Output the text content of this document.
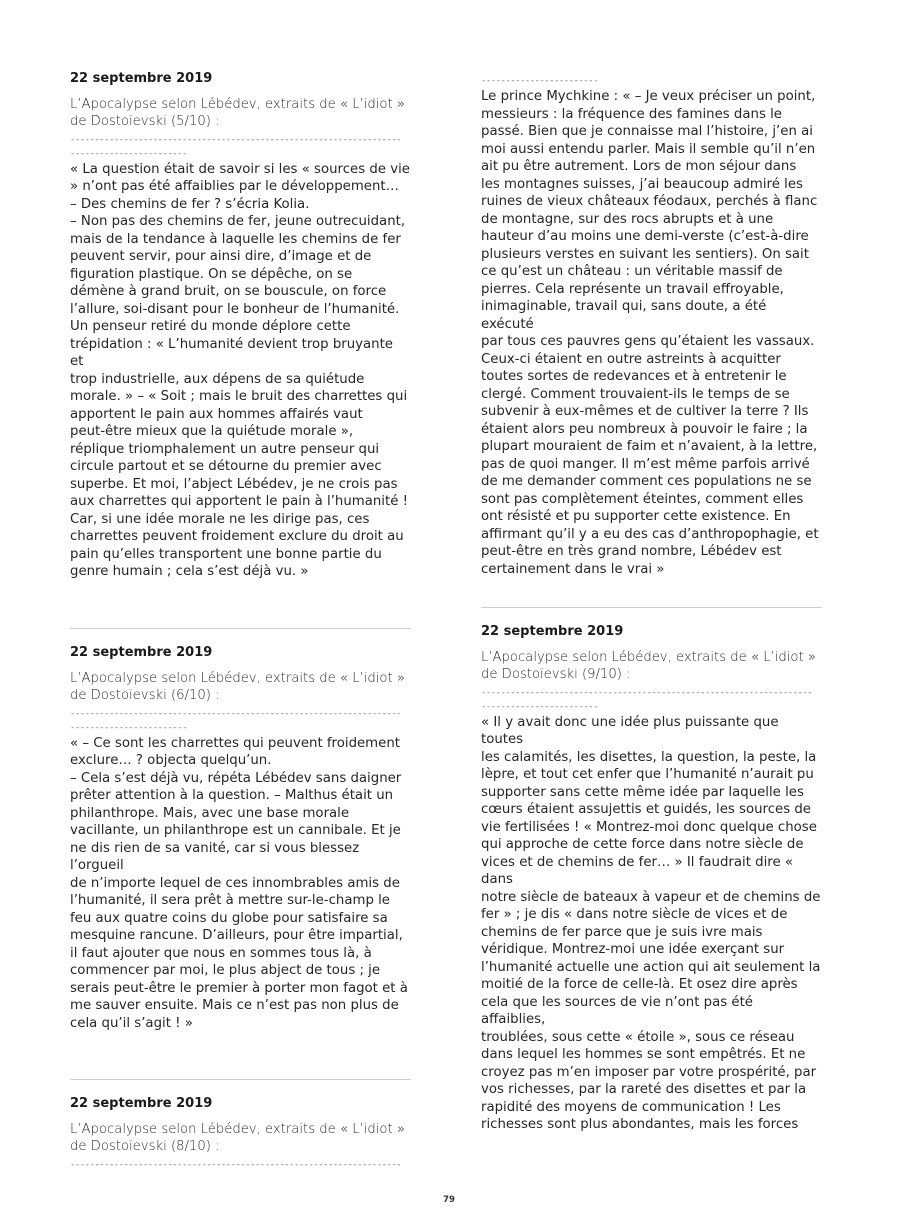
22 septembre 2019
L’Apocalypse selon Lébédev, extraits de « L’idiot »
de Dostoïevski (5/10) :
--------------------------------------------------------------------
------------------------

« La question était de savoir si les « sources de vie

» n’ont pas été affaiblies par le développement…

– Des chemins de fer ? s’écria Kolia.

– Non pas des chemins de fer, jeune outrecuidant,

mais de la tendance à laquelle les chemins de fer

peuvent servir, pour ainsi dire, d’image et de

figuration plastique. On se dépêche, on se

démène à grand bruit, on se bouscule, on force

l’allure, soi-disant pour le bonheur de l’humanité.

Un penseur retiré du monde déplore cette

trépidation : « L’humanité devient trop bruyante et

trop industrielle, aux dépens de sa quiétude

morale. » – « Soit ; mais le bruit des charrettes qui

apportent le pain aux hommes affairés vaut

peut-être mieux que la quiétude morale »,

réplique triomphalement un autre penseur qui

circule partout et se détourne du premier avec

superbe. Et moi, l’abject Lébédev, je ne crois pas

aux charrettes qui apportent le pain à l’humanité !

Car, si une idée morale ne les dirige pas, ces

charrettes peuvent froidement exclure du droit au

pain qu’elles transportent une bonne partie du

genre humain ; cela s’est déjà vu. »

22 septembre 2019
L’Apocalypse selon Lébédev, extraits de « L’idiot »
de Dostoïevski (6/10) :
--------------------------------------------------------------------
------------------------

« – Ce sont les charrettes qui peuvent froidement

exclure… ? objecta quelqu’un.

– Cela s’est déjà vu, répéta Lébédev sans daigner

prêter attention à la question. – Malthus était un

philanthrope. Mais, avec une base morale

vacillante, un philanthrope est un cannibale. Et je

ne dis rien de sa vanité, car si vous blessez l’orgueil

de n’importe lequel de ces innombrables amis de

l’humanité, il sera prêt à mettre sur-le-champ le

feu aux quatre coins du globe pour satisfaire sa

mesquine rancune. D’ailleurs, pour être impartial,

il faut ajouter que nous en sommes tous là, à

commencer par moi, le plus abject de tous ; je

serais peut-être le premier à porter mon fagot et à

me sauver ensuite. Mais ce n’est pas non plus de

cela qu’il s’agit ! »

22 septembre 2019
L’Apocalypse selon Lébédev, extraits de « L’idiot »
de Dostoïevski (8/10) :
--------------------------------------------------------------------
------------------------

Le prince Mychkine : « – Je veux préciser un point,

messieurs : la fréquence des famines dans le

passé. Bien que je connaisse mal l’histoire, j’en ai

moi aussi entendu parler. Mais il semble qu’il n’en

ait pu être autrement. Lors de mon séjour dans

les montagnes suisses, j’ai beaucoup admiré les

ruines de vieux châteaux féodaux, perchés à flanc

de montagne, sur des rocs abrupts et à une

hauteur d’au moins une demi-verste (c’est-à-dire

plusieurs verstes en suivant les sentiers). On sait

ce qu’est un château : un véritable massif de

pierres. Cela représente un travail effroyable,

inimaginable, travail qui, sans doute, a été exécuté

par tous ces pauvres gens qu’étaient les vassaux.

Ceux-ci étaient en outre astreints à acquitter

toutes sortes de redevances et à entretenir le

clergé. Comment trouvaient-ils le temps de se

subvenir à eux-mêmes et de cultiver la terre ? Ils

étaient alors peu nombreux à pouvoir le faire ; la

plupart mouraient de faim et n’avaient, à la lettre,

pas de quoi manger. Il m’est même parfois arrivé

de me demander comment ces populations ne se

sont pas complètement éteintes, comment elles

ont résisté et pu supporter cette existence. En

affirmant qu’il y a eu des cas d’anthropophagie, et

peut-être en très grand nombre, Lébédev est

certainement dans le vrai »

22 septembre 2019
L’Apocalypse selon Lébédev, extraits de « L’idiot »
de Dostoïevski (9/10) :
--------------------------------------------------------------------
------------------------

« Il y avait donc une idée plus puissante que toutes

les calamités, les disettes, la question, la peste, la

lèpre, et tout cet enfer que l’humanité n’aurait pu

supporter sans cette même idée par laquelle les

cœurs étaient assujettis et guidés, les sources de

vie fertilisées ! « Montrez-moi donc quelque chose

qui approche de cette force dans notre siècle de

vices et de chemins de fer… » Il faudrait dire « dans

notre siècle de bateaux à vapeur et de chemins de

fer » ; je dis « dans notre siècle de vices et de

chemins de fer parce que je suis ivre mais

véridique. Montrez-moi une idée exerçant sur

l’humanité actuelle une action qui ait seulement la

moitié de la force de celle-là. Et osez dire après

cela que les sources de vie n’ont pas été affaiblies,

troublées, sous cette « étoile », sous ce réseau

dans lequel les hommes se sont empêtrés. Et ne

croyez pas m’en imposer par votre prospérité, par

vos richesses, par la rareté des disettes et par la

rapidité des moyens de communication ! Les

richesses sont plus abondantes, mais les forces

79
